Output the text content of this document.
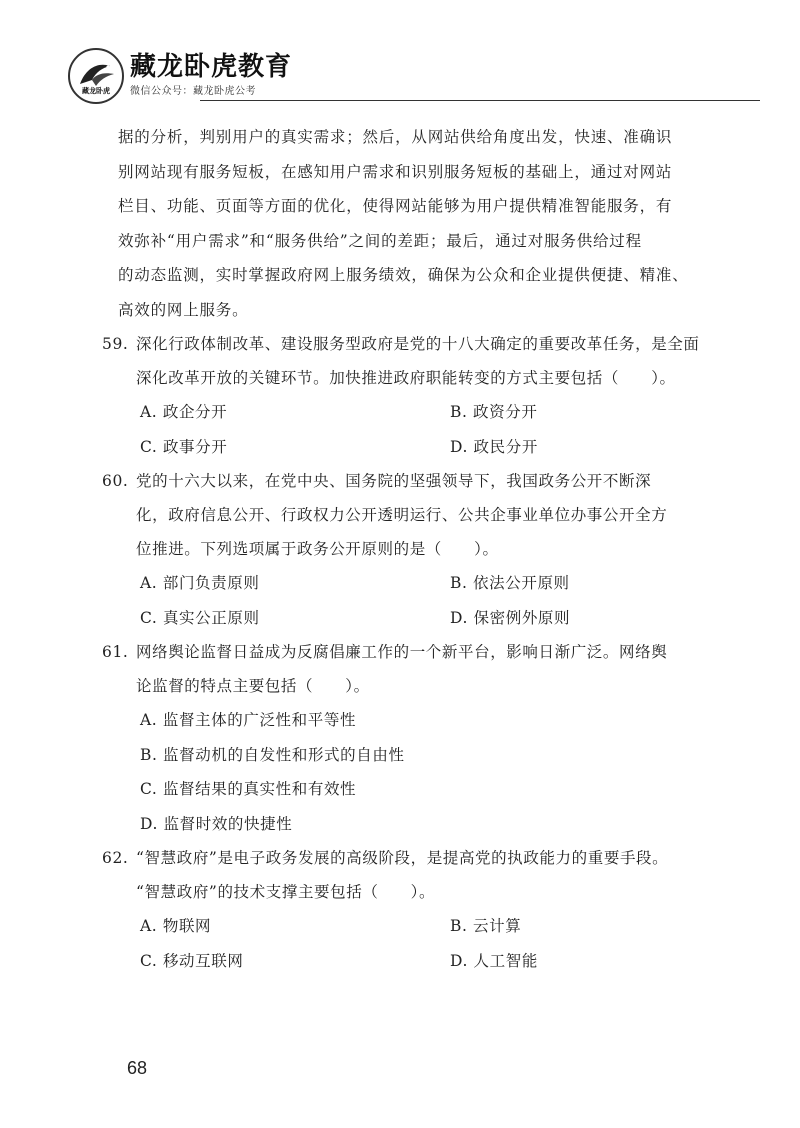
藏龙卧虎
藏龙卧虎教育
微信公众号：藏龙卧虎公考
据的分析，判别用户的真实需求；然后，从网站供给角度出发，快速、准确识
别网站现有服务短板，在感知用户需求和识别服务短板的基础上，通过对网站
栏目、功能、页面等方面的优化，使得网站能够为用户提供精准智能服务，有
效弥补“用户需求”和“服务供给”之间的差距；最后，通过对服务供给过程
的动态监测，实时掌握政府网上服务绩效，确保为公众和企业提供便捷、精准、
高效的网上服务。
59. 深化行政体制改革、建设服务型政府是党的十八大确定的重要改革任务，是全面
深化改革开放的关键环节。加快推进政府职能转变的方式主要包括（　　）。
A. 政企分开	B. 政资分开
C. 政事分开	D. 政民分开
60. 党的十六大以来，在党中央、国务院的坚强领导下，我国政务公开不断深
化，政府信息公开、行政权力公开透明运行、公共企事业单位办事公开全方
位推进。下列选项属于政务公开原则的是（　　）。
A. 部门负责原则	B. 依法公开原则
C. 真实公正原则	D. 保密例外原则
61. 网络舆论监督日益成为反腐倡廉工作的一个新平台，影响日渐广泛。网络舆
论监督的特点主要包括（　　）。
A. 监督主体的广泛性和平等性
B. 监督动机的自发性和形式的自由性
C. 监督结果的真实性和有效性
D. 监督时效的快捷性
62. “智慧政府”是电子政务发展的高级阶段，是提高党的执政能力的重要手段。
“智慧政府”的技术支撑主要包括（　　）。
A. 物联网	B. 云计算
C. 移动互联网	D. 人工智能
68
